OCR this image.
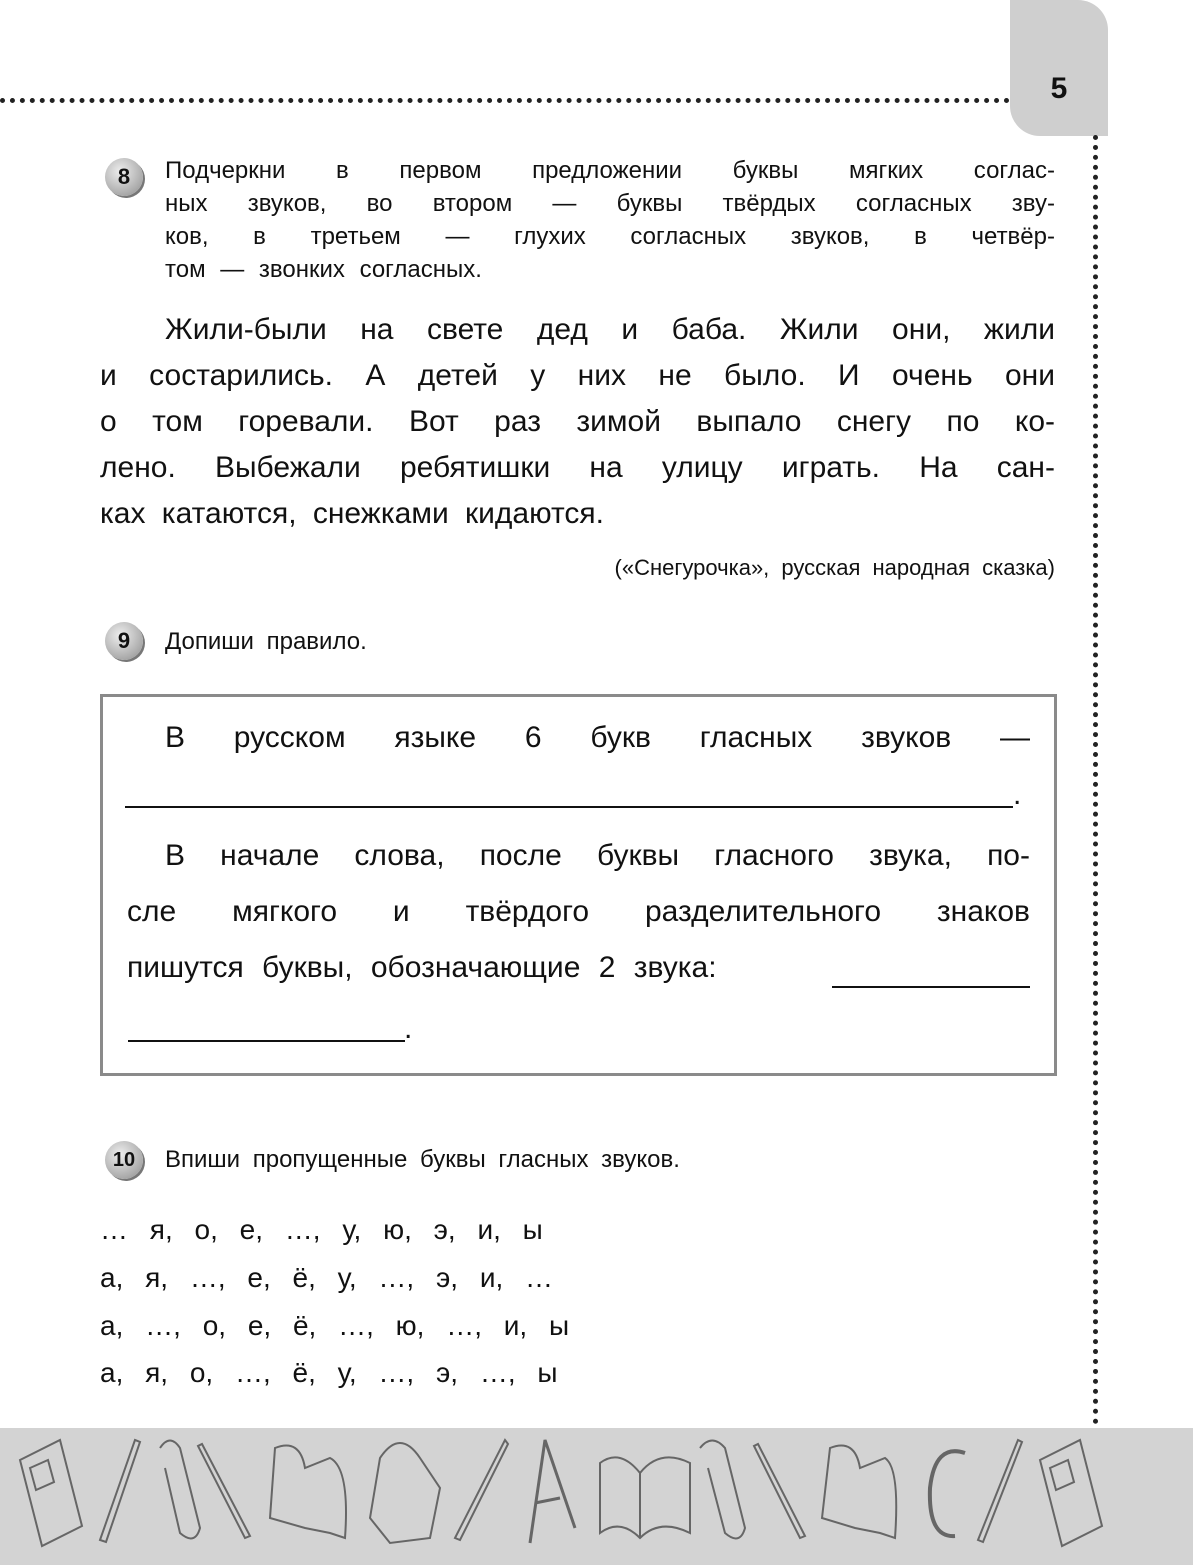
5
8	Подчеркни в первом предложении буквы мягких соглас-
ных звуков, во втором — буквы твёрдых согласных зву-
ков, в третьем — глухих согласных звуков, в четвёр-
том — звонких согласных.
Жили-были на свете дед и баба. Жили они, жили
и состарились. А детей у них не было. И очень они
о том горевали. Вот раз зимой выпало снегу по ко-
лено. Выбежали ребятишки на улицу играть. На сан-
ках катаются, снежками кидаются.
(«Снегурочка», русская народная сказка)
9	Допиши правило.
В русском языке 6 букв гласных звуков —
.
В начале слова, после буквы гласного звука, по-
сле мягкого и твёрдого разделительного знаков
пишутся буквы, обозначающие 2 звука:
.
10	Впиши пропущенные буквы гласных звуков.
… я, о, е, …, у, ю, э, и, ы
а, я, …, е, ё, у, …, э, и, …
а, …, о, е, ё, …, ю, …, и, ы
а, я, о, …, ё, у, …, э, …, ы
